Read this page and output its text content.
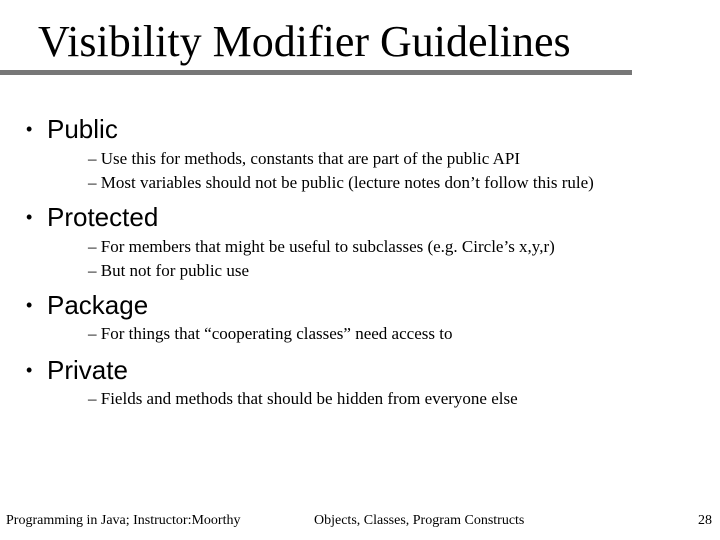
Visibility Modifier Guidelines

• Public

– Use this for methods, constants that are part of the public API

– Most variables should not be public (lecture notes don’t follow this rule)

• Protected

– For members that might be useful to subclasses (e.g. Circle’s x,y,r)

– But not for public use

• Package

– For things that “cooperating classes” need access to

• Private

– Fields and methods that should be hidden from everyone else

Programming in Java; Instructor:Moorthy	Objects, Classes, Program Constructs	28
